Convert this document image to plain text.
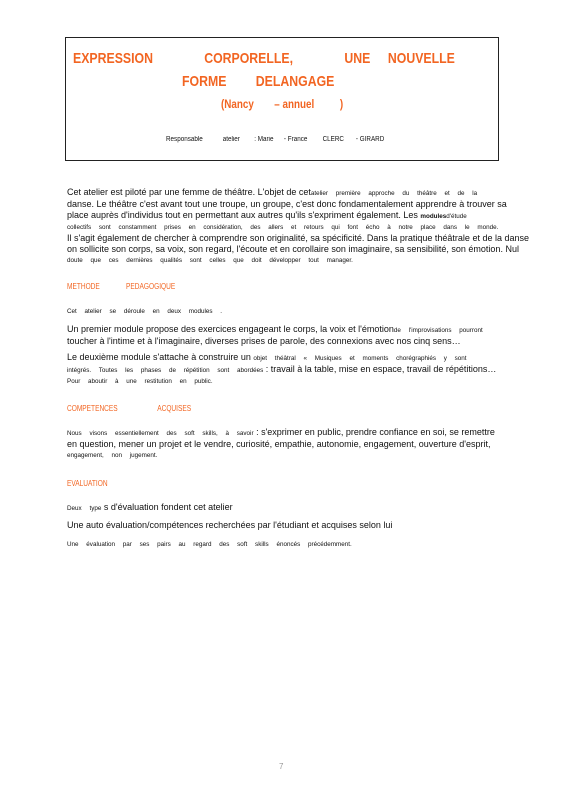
EXPRESSION	CORPORELLE,	UNE NOUVELLE
FORME DELANGAGE
(Nancy – annuel )
Responsable	atelier : Marie - France CLERC - GIRARD
Cet atelier est piloté par une femme de théâtre. L'objet de cetatelier première approche du théâtre et de la
danse. Le théâtre c'est avant tout une troupe, un groupe, c'est donc fondamentalement apprendre à trouver sa
place auprès d'individus tout en permettant aux autres qu'ils s'expriment également. Les modulesd'étude
collectifs sont constamment prises en considération, des allers et retours qui font écho à notre place dans le monde.
Il s'agit également de chercher à comprendre son originalité, sa spécificité. Dans la pratique théâtrale et de la danse
on sollicite son corps, sa voix, son regard, l'écoute et en corollaire son imaginaire, sa sensibilité, son émotion. Nul
doute que ces dernières qualités sont celles que doit développer tout manager.
METHODE	PEDAGOGIQUE
Cet atelier se déroule en deux modules .
Un premier module propose des exercices engageant le corps, la voix et l'émotionde l'improvisations pourront
toucher à l'intime et à l'imaginaire, diverses prises de parole, des connexions avec nos cinq sens…
Le deuxième module s'attache à construire un objet théâtral « Musiques et moments chorégraphiés y sont
intégrés. Toutes les phases de répétition sont abordées : travail à la table, mise en espace, travail de répétitions…
Pour aboutir à une restitution en public.
COMPETENCES	ACQUISES
Nous visons essentiellement des soft skills, à savoir : s'exprimer en public, prendre confiance en soi, se remettre
en question, mener un projet et le vendre, curiosité, empathie, autonomie, engagement, ouverture d'esprit,
engagement, non jugement.
EVALUATION
Deux type s d'évaluation fondent cet atelier
Une auto évaluation/compétences recherchées par l'étudiant et acquises selon lui
Une évaluation par ses pairs au regard des soft skills énoncés précédemment.
7
